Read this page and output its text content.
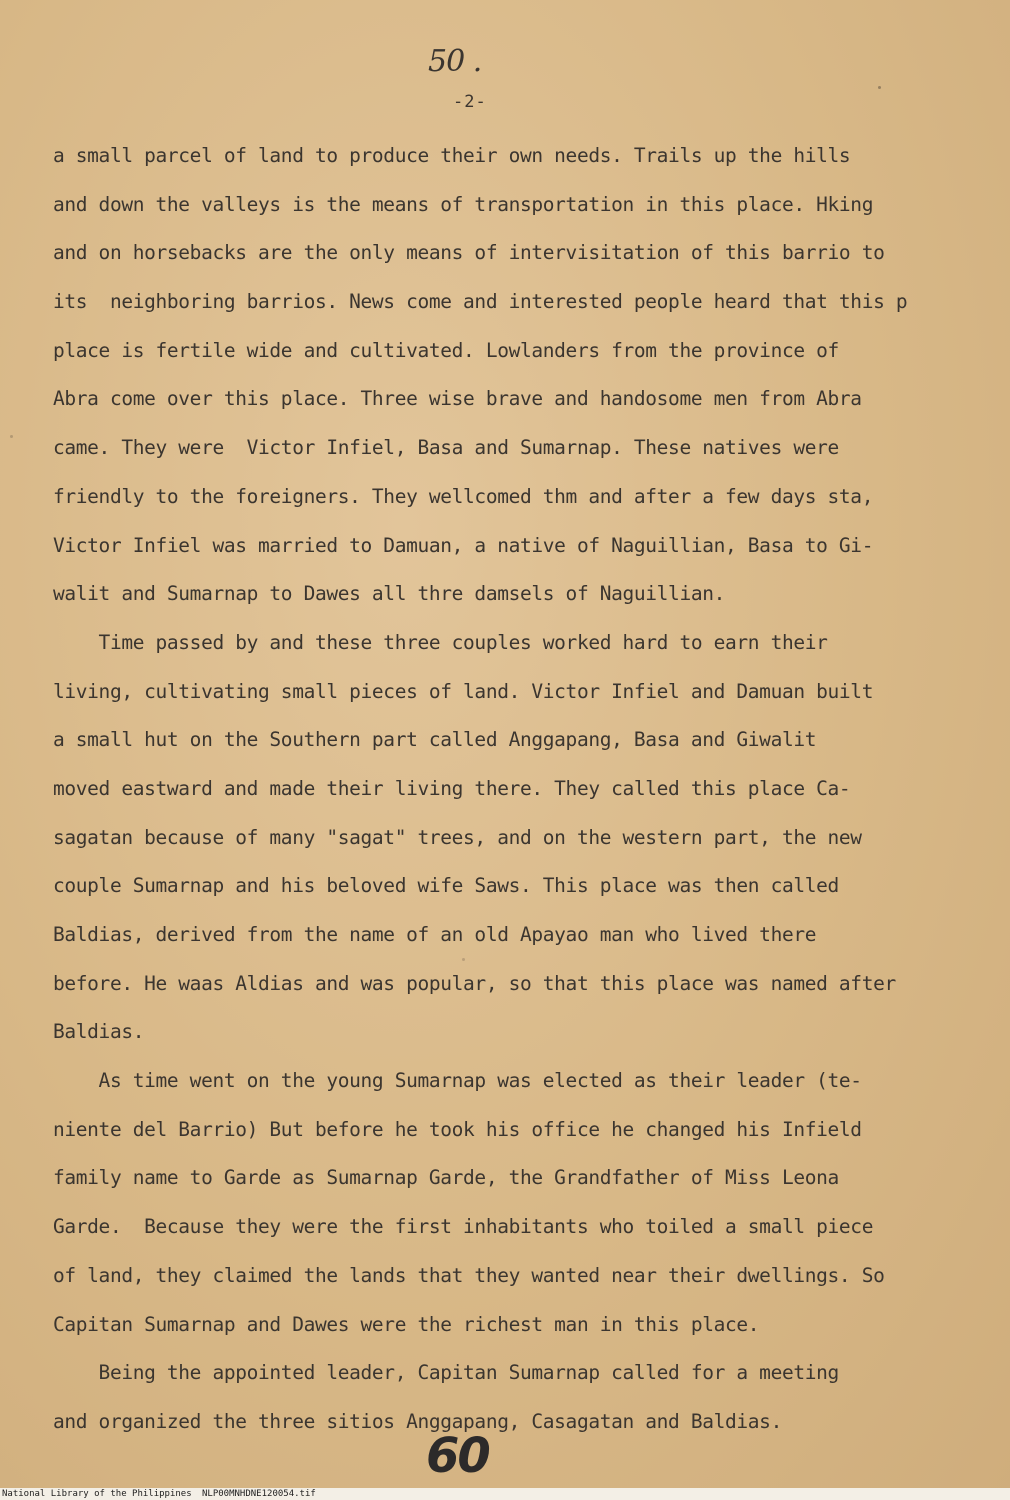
50 .
-2-
a small parcel of land to produce their own needs. Trails up the hills
and down the valleys is the means of transportation in this place. Hking
and on horsebacks are the only means of intervisitation of this barrio to
its  neighboring barrios. News come and interested people heard that this p
place is fertile wide and cultivated. Lowlanders from the province of
Abra come over this place. Three wise brave and handosome men from Abra
came. They were  Victor Infiel, Basa and Sumarnap. These natives were
friendly to the foreigners. They wellcomed thm and after a few days sta,
Victor Infiel was married to Damuan, a native of Naguillian, Basa to Gi-
walit and Sumarnap to Dawes all thre damsels of Naguillian.
Time passed by and these three couples worked hard to earn their
living, cultivating small pieces of land. Victor Infiel and Damuan built
a small hut on the Southern part called Anggapang, Basa and Giwalit
moved eastward and made their living there. They called this place Ca-
sagatan because of many "sagat" trees, and on the western part, the new
couple Sumarnap and his beloved wife Saws. This place was then called
Baldias, derived from the name of an old Apayao man who lived there
before. He waas Aldias and was popular, so that this place was named after
Baldias.
As time went on the young Sumarnap was elected as their leader (te-
niente del Barrio) But before he took his office he changed his Infield
family name to Garde as Sumarnap Garde, the Grandfather of Miss Leona
Garde.  Because they were the first inhabitants who toiled a small piece
of land, they claimed the lands that they wanted near their dwellings. So
Capitan Sumarnap and Dawes were the richest man in this place.
Being the appointed leader, Capitan Sumarnap called for a meeting
and organized the three sitios Anggapang, Casagatan and Baldias.
60
National Library of the Philippines NLP00MNHDNE120054.tif
